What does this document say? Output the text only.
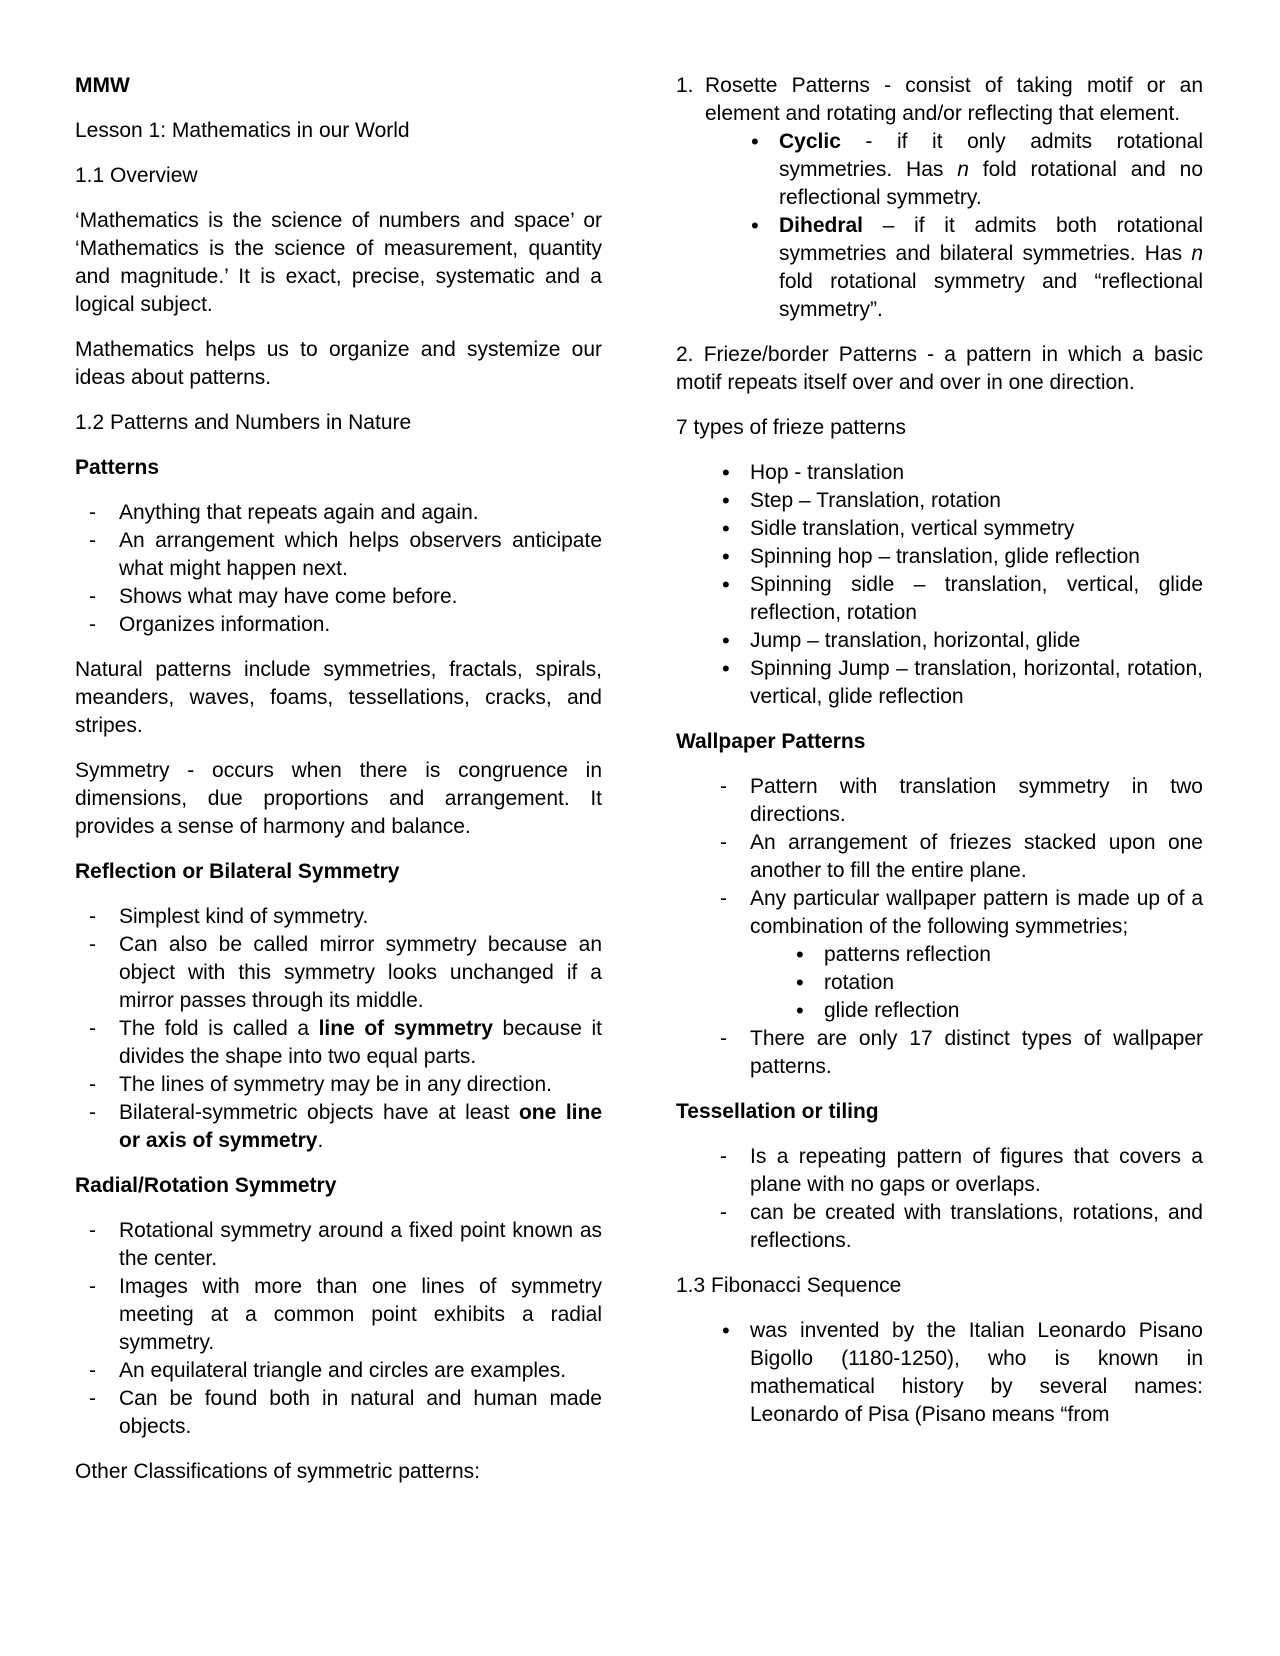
MMW

Lesson 1: Mathematics in our World

1.1 Overview

‘Mathematics is the science of numbers and space’ or ‘Mathematics is the science of measurement, quantity and magnitude.’ It is exact, precise, systematic and a logical subject.

Mathematics helps us to organize and systemize our ideas about patterns.

1.2 Patterns and Numbers in Nature

Patterns

- Anything that repeats again and again.
- An arrangement which helps observers anticipate what might happen next.
- Shows what may have come before.
- Organizes information.

Natural patterns include symmetries, fractals, spirals, meanders, waves, foams, tessellations, cracks, and stripes.

Symmetry - occurs when there is congruence in dimensions, due proportions and arrangement. It provides a sense of harmony and balance.

Reflection or Bilateral Symmetry

- Simplest kind of symmetry.
- Can also be called mirror symmetry because an object with this symmetry looks unchanged if a mirror passes through its middle.
- The fold is called a line of symmetry because it divides the shape into two equal parts.
- The lines of symmetry may be in any direction.
- Bilateral-symmetric objects have at least one line or axis of symmetry.

Radial/Rotation Symmetry

- Rotational symmetry around a fixed point known as the center.
- Images with more than one lines of symmetry meeting at a common point exhibits a radial symmetry.
- An equilateral triangle and circles are examples.
- Can be found both in natural and human made objects.

Other Classifications of symmetric patterns:

1. Rosette Patterns - consist of taking motif or an element and rotating and/or reflecting that element.
• Cyclic - if it only admits rotational symmetries. Has n fold rotational and no reflectional symmetry.
• Dihedral – if it admits both rotational symmetries and bilateral symmetries. Has n fold rotational symmetry and “reflectional symmetry”.

2. Frieze/border Patterns - a pattern in which a basic motif repeats itself over and over in one direction.

7 types of frieze patterns

• Hop - translation
• Step – Translation, rotation
• Sidle translation, vertical symmetry
• Spinning hop – translation, glide reflection
• Spinning sidle – translation, vertical, glide reflection, rotation
• Jump – translation, horizontal, glide
• Spinning Jump – translation, horizontal, rotation, vertical, glide reflection

Wallpaper Patterns

- Pattern with translation symmetry in two directions.
- An arrangement of friezes stacked upon one another to fill the entire plane.
- Any particular wallpaper pattern is made up of a combination of the following symmetries;
• patterns reflection
• rotation
• glide reflection
- There are only 17 distinct types of wallpaper patterns.

Tessellation or tiling

- Is a repeating pattern of figures that covers a plane with no gaps or overlaps.
- can be created with translations, rotations, and reflections.

1.3 Fibonacci Sequence

• was invented by the Italian Leonardo Pisano Bigollo (1180-1250), who is known in mathematical history by several names: Leonardo of Pisa (Pisano means “from
